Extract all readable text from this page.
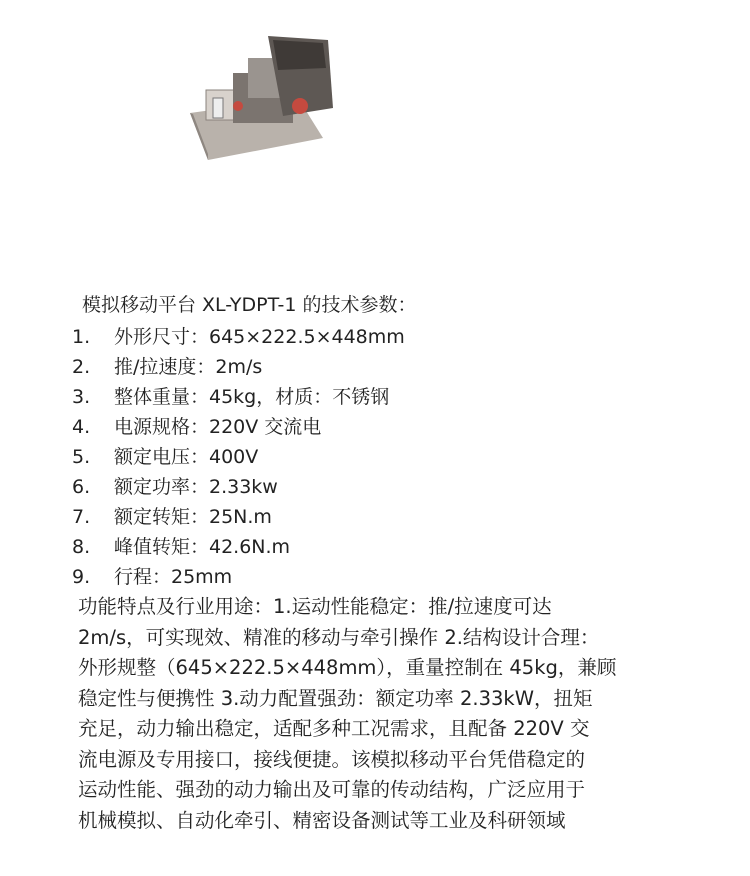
模拟移动平台 XL-YDPT-1 的技术参数：
1.	外形尺寸：645×222.5×448mm
2.	推/拉速度：2m/s
3.	整体重量：45kg，材质：不锈钢
4.	电源规格：220V 交流电
5.	额定电压：400V
6.	额定功率：2.33kw
7.	额定转矩：25N.m
8.	峰值转矩：42.6N.m
9.	行程：25mm
功能特点及行业用途：1.运动性能稳定：推/拉速度可达
2m/s，可实现效、精准的移动与牵引操作 2.结构设计合理：
外形规整（645×222.5×448mm），重量控制在 45kg，兼顾
稳定性与便携性 3.动力配置强劲：额定功率 2.33kW，扭矩
充足，动力输出稳定，适配多种工况需求，且配备 220V 交
流电源及专用接口，接线便捷。该模拟移动平台凭借稳定的
运动性能、强劲的动力输出及可靠的传动结构，广泛应用于
机械模拟、自动化牵引、精密设备测试等工业及科研领域
